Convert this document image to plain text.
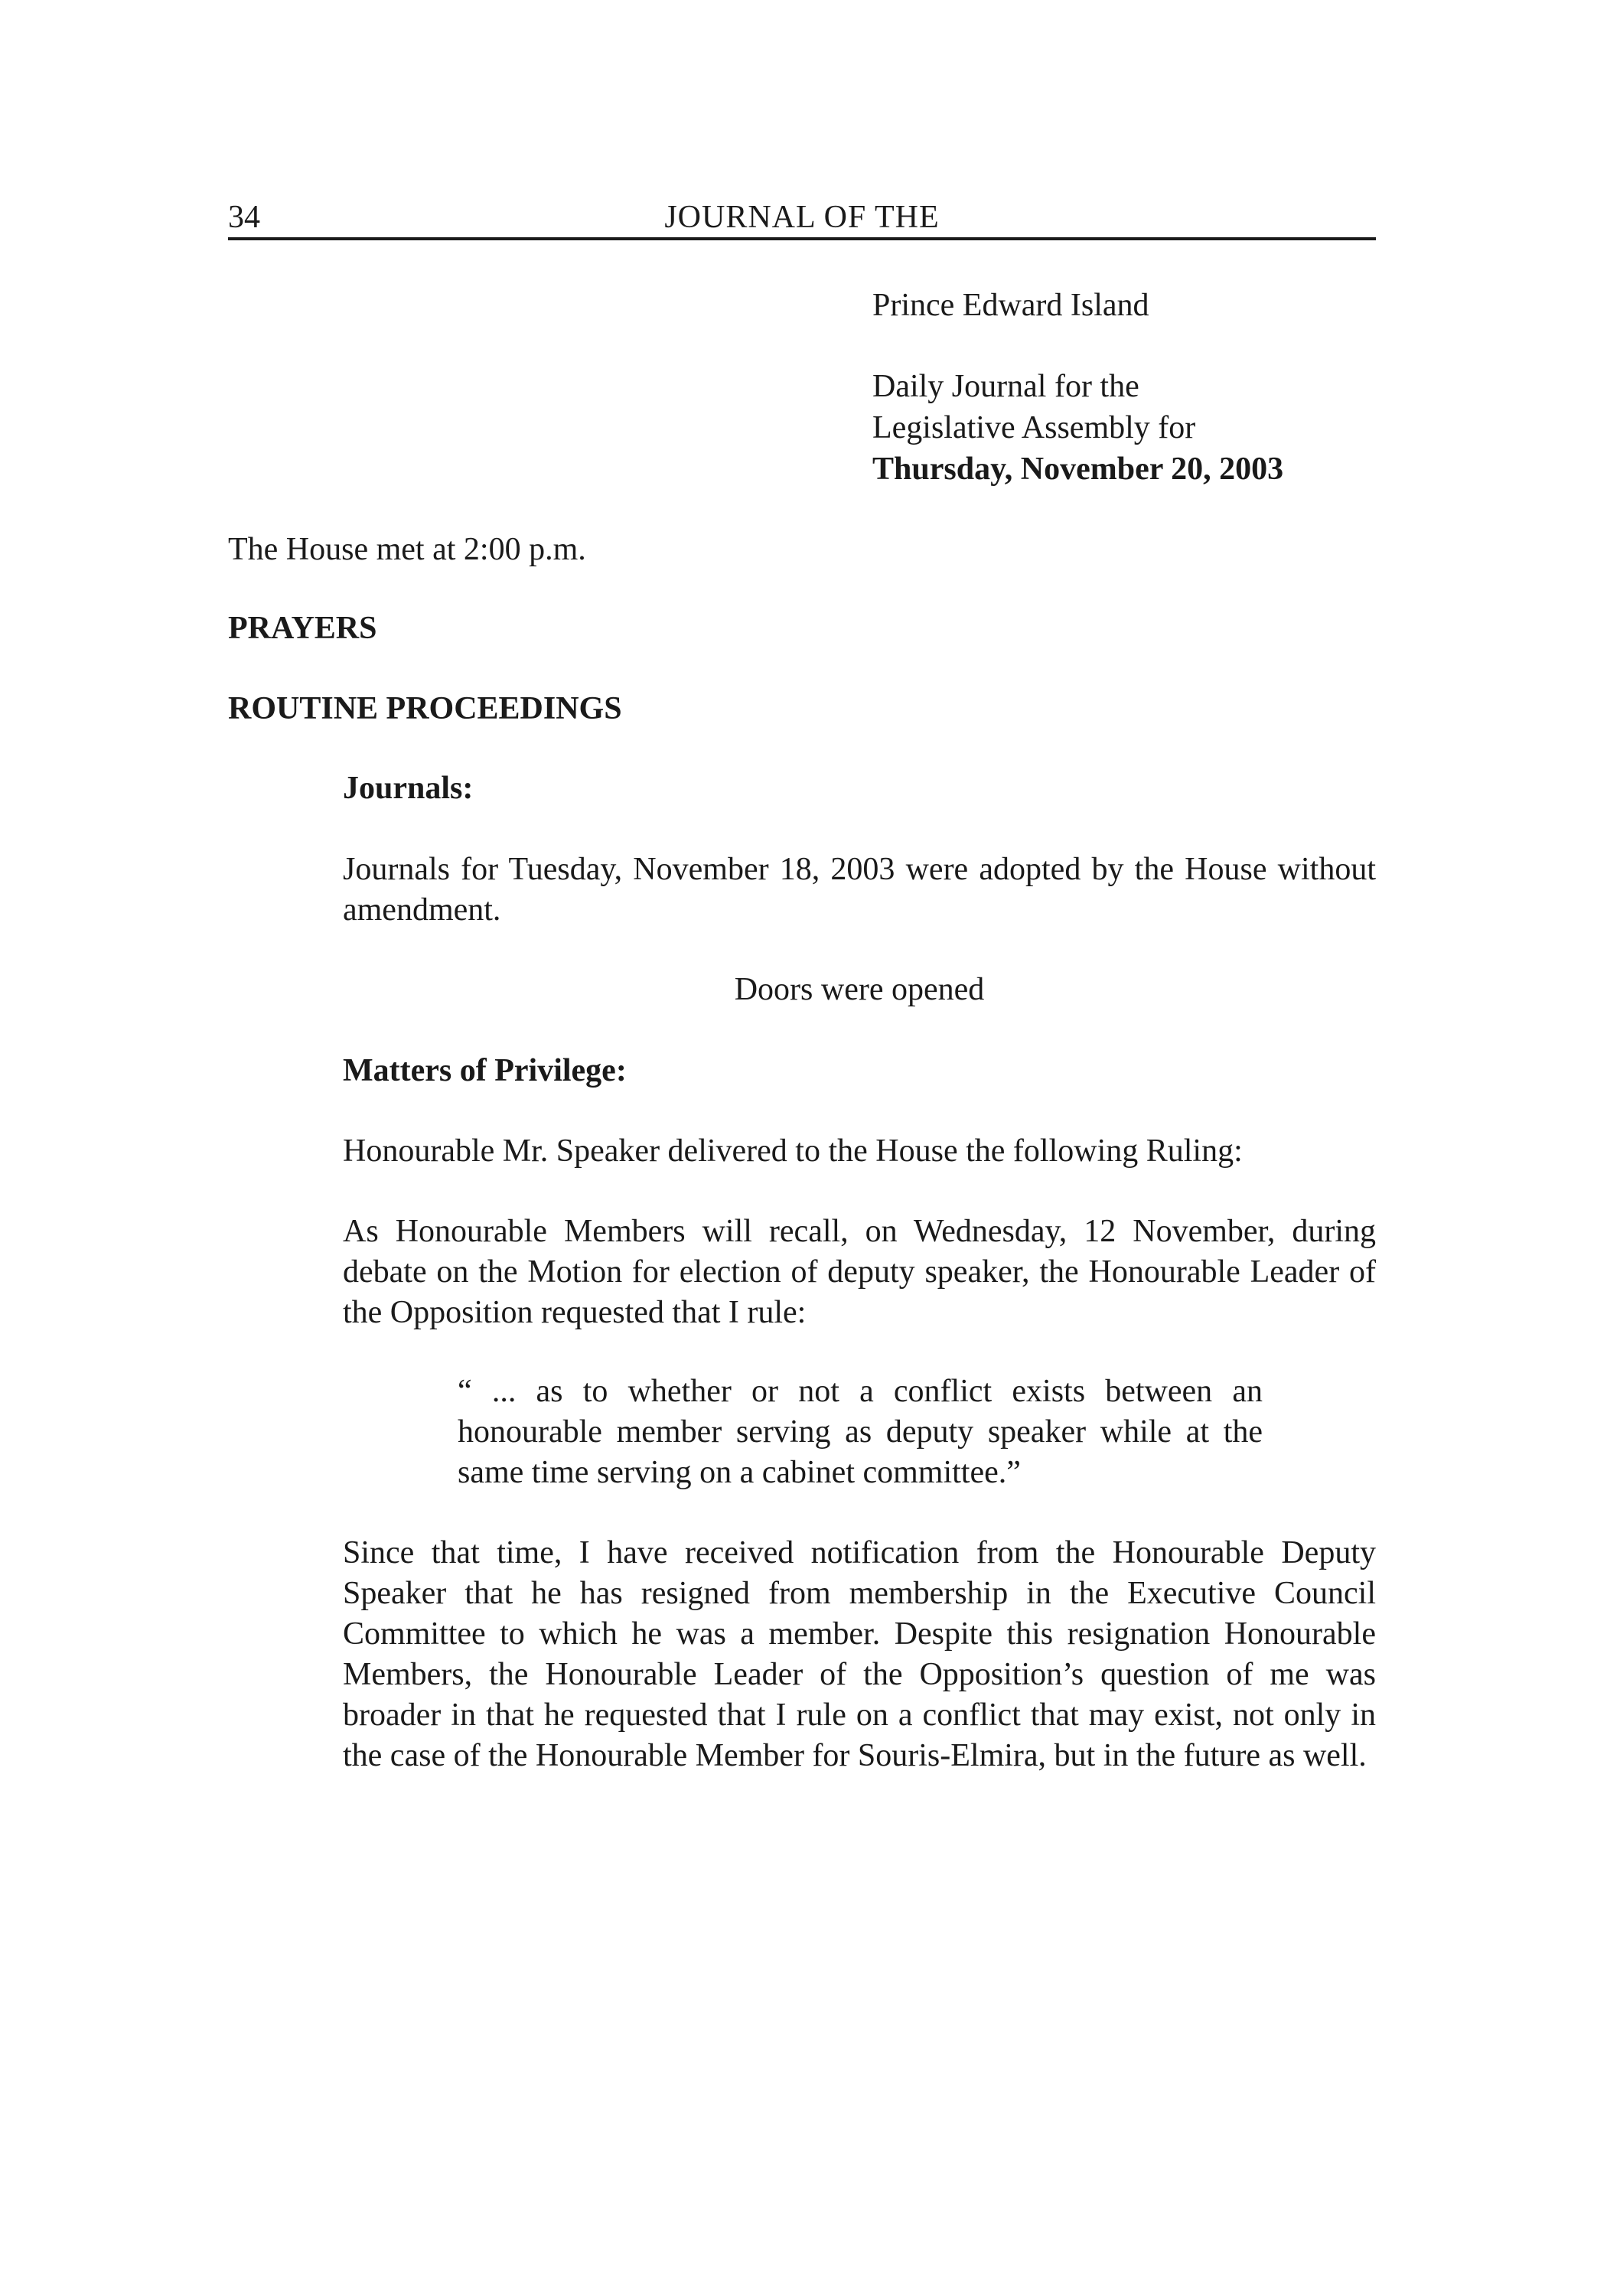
34	JOURNAL OF THE
Prince Edward Island
Daily Journal for the
Legislative Assembly for
Thursday, November 20, 2003
The House met at 2:00 p.m.
PRAYERS
ROUTINE PROCEEDINGS
Journals:
Journals for Tuesday, November 18, 2003 were adopted by the House without amendment.
Doors were opened
Matters of Privilege:
Honourable Mr. Speaker delivered to the House the following Ruling:
As Honourable Members will recall, on Wednesday, 12 November, during debate on the Motion for election of deputy speaker, the Honourable Leader of the Opposition requested that I rule:
“ ... as to whether or not a conflict exists between an honourable member serving as deputy speaker while at the same time serving on a cabinet committee.”
Since that time, I have received notification from the Honourable Deputy Speaker that he has resigned from membership in the Executive Council Committee to which he was a member. Despite this resignation Honourable Members, the Honourable Leader of the Opposition’s question of me was broader in that he requested that I rule on a conflict that may exist, not only in the case of the Honourable Member for Souris-Elmira, but in the future as well.
